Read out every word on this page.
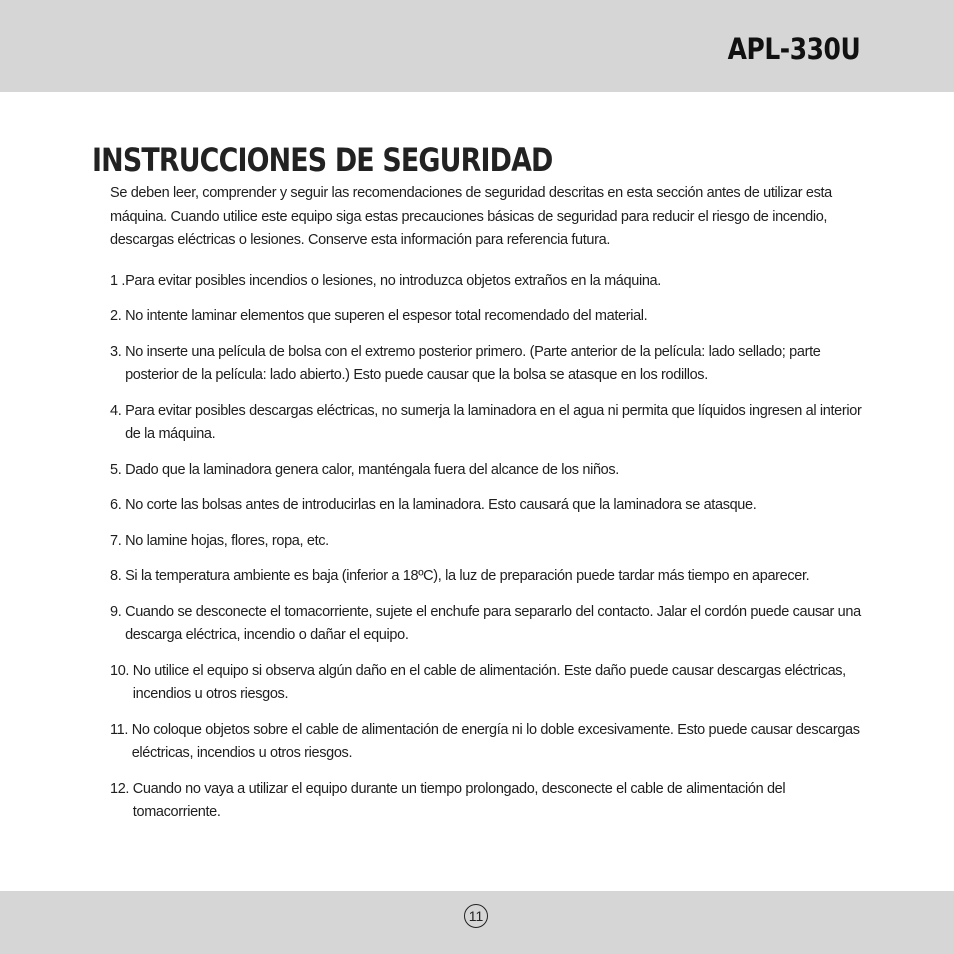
APL-330U
INSTRUCCIONES DE SEGURIDAD

Se deben leer, comprender y seguir las recomendaciones de seguridad descritas en esta sección antes de utilizar esta máquina. Cuando utilice este equipo siga estas precauciones básicas de seguridad para reducir el riesgo de incendio, descargas eléctricas o lesiones. Conserve esta información para referencia futura.

1 . Para evitar posibles incendios o lesiones, no introduzca objetos extraños en la máquina.
2. No intente laminar elementos que superen el espesor total recomendado del material.
3. No inserte una película de bolsa con el extremo posterior primero. (Parte anterior de la película: lado sellado; parte posterior de la película: lado abierto.) Esto puede causar que la bolsa se atasque en los rodillos.
4. Para evitar posibles descargas eléctricas, no sumerja la laminadora en el agua ni permita que líquidos ingresen al interior de la máquina.
5. Dado que la laminadora genera calor, manténgala fuera del alcance de los niños.
6. No corte las bolsas antes de introducirlas en la laminadora. Esto causará que la laminadora se atasque.
7. No lamine hojas, flores, ropa, etc.
8. Si la temperatura ambiente es baja (inferior a 18ºC), la luz de preparación puede tardar más tiempo en aparecer.
9. Cuando se desconecte el tomacorriente, sujete el enchufe para separarlo del contacto. Jalar el cordón puede causar una descarga eléctrica, incendio o dañar el equipo.
10. No utilice el equipo si observa algún daño en el cable de alimentación. Este daño puede causar descargas eléctricas, incendios u otros riesgos.
11. No coloque objetos sobre el cable de alimentación de energía ni lo doble excesivamente. Esto puede causar descargas eléctricas, incendios u otros riesgos.
12. Cuando no vaya a utilizar el equipo durante un tiempo prolongado, desconecte el cable de alimentación del tomacorriente.
11
